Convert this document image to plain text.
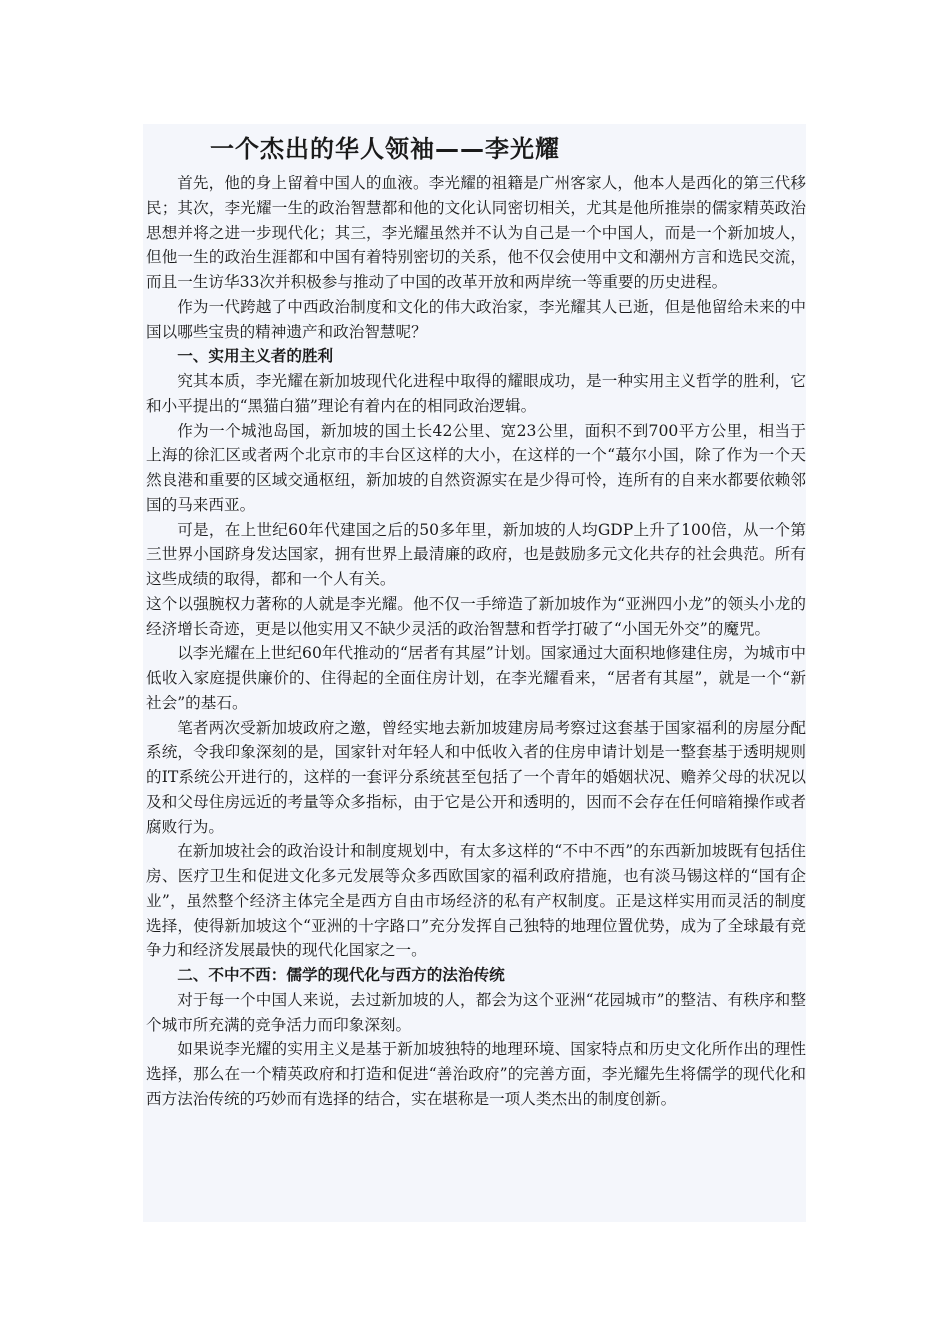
一个杰出的华人领袖——李光耀

首先，他的身上留着中国人的血液。李光耀的祖籍是广州客家人，他本人是西化的第三代移民；其次，李光耀一生的政治智慧都和他的文化认同密切相关，尤其是他所推崇的儒家精英政治思想并将之进一步现代化；其三，李光耀虽然并不认为自己是一个中国人，而是一个新加坡人，但他一生的政治生涯都和中国有着特别密切的关系，他不仅会使用中文和潮州方言和选民交流，而且一生访华33次并积极参与推动了中国的改革开放和两岸统一等重要的历史进程。

作为一代跨越了中西政治制度和文化的伟大政治家，李光耀其人已逝，但是他留给未来的中国以哪些宝贵的精神遗产和政治智慧呢？

一、实用主义者的胜利

究其本质，李光耀在新加坡现代化进程中取得的耀眼成功，是一种实用主义哲学的胜利，它和小平提出的“黑猫白猫”理论有着内在的相同政治逻辑。

作为一个城池岛国，新加坡的国土长42公里、宽23公里，面积不到700平方公里，相当于上海的徐汇区或者两个北京市的丰台区这样的大小，在这样的一个“蕞尔小国，除了作为一个天然良港和重要的区域交通枢纽，新加坡的自然资源实在是少得可怜，连所有的自来水都要依赖邻国的马来西亚。

可是，在上世纪60年代建国之后的50多年里，新加坡的人均GDP上升了100倍，从一个第三世界小国跻身发达国家，拥有世界上最清廉的政府，也是鼓励多元文化共存的社会典范。所有这些成绩的取得，都和一个人有关。

这个以强腕权力著称的人就是李光耀。他不仅一手缔造了新加坡作为“亚洲四小龙”的领头小龙的经济增长奇迹，更是以他实用又不缺少灵活的政治智慧和哲学打破了“小国无外交”的魔咒。

以李光耀在上世纪60年代推动的“居者有其屋”计划。国家通过大面积地修建住房，为城市中低收入家庭提供廉价的、住得起的全面住房计划，在李光耀看来，“居者有其屋”，就是一个“新社会”的基石。

笔者两次受新加坡政府之邀，曾经实地去新加坡建房局考察过这套基于国家福利的房屋分配系统，令我印象深刻的是，国家针对年轻人和中低收入者的住房申请计划是一整套基于透明规则的IT系统公开进行的，这样的一套评分系统甚至包括了一个青年的婚姻状况、赡养父母的状况以及和父母住房远近的考量等众多指标，由于它是公开和透明的，因而不会存在任何暗箱操作或者腐败行为。

在新加坡社会的政治设计和制度规划中，有太多这样的“不中不西”的东西新加坡既有包括住房、医疗卫生和促进文化多元发展等众多西欧国家的福利政府措施，也有淡马锡这样的“国有企业”，虽然整个经济主体完全是西方自由市场经济的私有产权制度。正是这样实用而灵活的制度选择，使得新加坡这个“亚洲的十字路口”充分发挥自己独特的地理位置优势，成为了全球最有竞争力和经济发展最快的现代化国家之一。

二、不中不西：儒学的现代化与西方的法治传统

对于每一个中国人来说，去过新加坡的人，都会为这个亚洲“花园城市”的整洁、有秩序和整个城市所充满的竞争活力而印象深刻。

如果说李光耀的实用主义是基于新加坡独特的地理环境、国家特点和历史文化所作出的理性选择，那么在一个精英政府和打造和促进“善治政府”的完善方面，李光耀先生将儒学的现代化和西方法治传统的巧妙而有选择的结合，实在堪称是一项人类杰出的制度创新。
